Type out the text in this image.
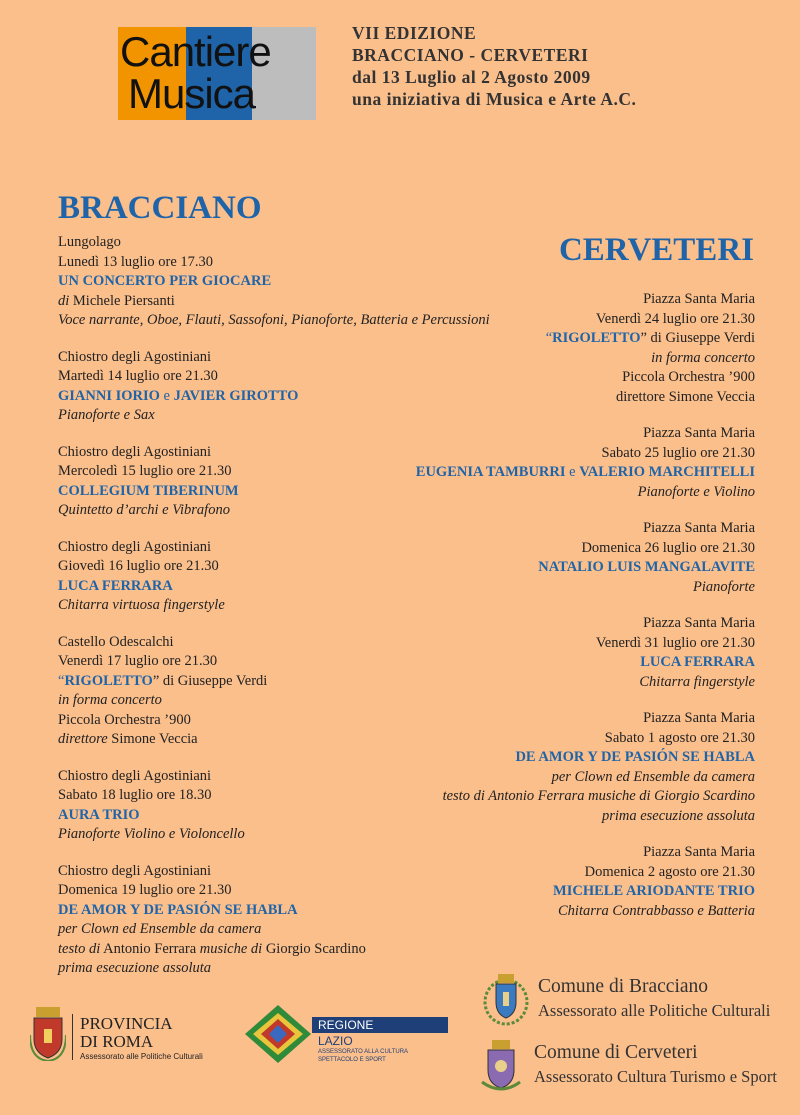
Cantiere
Musica
VII EDIZIONE
BRACCIANO - CERVETERI
dal 13 Luglio al 2 Agosto 2009
una iniziativa di Musica e Arte A.C.
BRACCIANO
Lungolago
Lunedì 13 luglio ore 17.30
UN CONCERTO PER GIOCARE
di Michele Piersanti
Voce narrante, Oboe, Flauti, Sassofoni, Pianoforte, Batteria e Percussioni
Chiostro degli Agostiniani
Martedì 14 luglio ore 21.30
GIANNI IORIO e JAVIER GIROTTO
Pianoforte e Sax
Chiostro degli Agostiniani
Mercoledì 15 luglio ore 21.30
COLLEGIUM TIBERINUM
Quintetto d’archi e Vibrafono
Chiostro degli Agostiniani
Giovedì 16 luglio ore 21.30
LUCA FERRARA
Chitarra virtuosa fingerstyle
Castello Odescalchi
Venerdì 17 luglio ore 21.30
“RIGOLETTO” di Giuseppe Verdi
in forma concerto
Piccola Orchestra ’900
direttore Simone Veccia
Chiostro degli Agostiniani
Sabato 18 luglio ore 18.30
AURA TRIO
Pianoforte Violino e Violoncello
Chiostro degli Agostiniani
Domenica 19 luglio ore 21.30
DE AMOR Y DE PASIÓN SE HABLA
per Clown ed Ensemble da camera
testo di Antonio Ferrara musiche di Giorgio Scardino
prima esecuzione assoluta
CERVETERI
Piazza Santa Maria
Venerdì 24 luglio ore 21.30
“RIGOLETTO” di Giuseppe Verdi
in forma concerto
Piccola Orchestra ’900
direttore Simone Veccia
Piazza Santa Maria
Sabato 25 luglio ore 21.30
EUGENIA TAMBURRI e VALERIO MARCHITELLI
Pianoforte e Violino
Piazza Santa Maria
Domenica 26 luglio ore 21.30
NATALIO LUIS MANGALAVITE
Pianoforte
Piazza Santa Maria
Venerdì 31 luglio ore 21.30
LUCA FERRARA
Chitarra fingerstyle
Piazza Santa Maria
Sabato 1 agosto ore 21.30
DE AMOR Y DE PASIÓN SE HABLA
per Clown ed Ensemble da camera
testo di Antonio Ferrara musiche di Giorgio Scardino
prima esecuzione assoluta
Piazza Santa Maria
Domenica 2 agosto ore 21.30
MICHELE ARIODANTE TRIO
Chitarra Contrabbasso e Batteria
Comune di Bracciano
Assessorato alle Politiche Culturali
Comune di Cerveteri
Assessorato Cultura Turismo e Sport
PROVINCIA
DI ROMA
Assessorato alle Politiche Culturali
REGIONE
LAZIO
ASSESSORATO ALLA CULTURA
SPETTACOLO E SPORT
